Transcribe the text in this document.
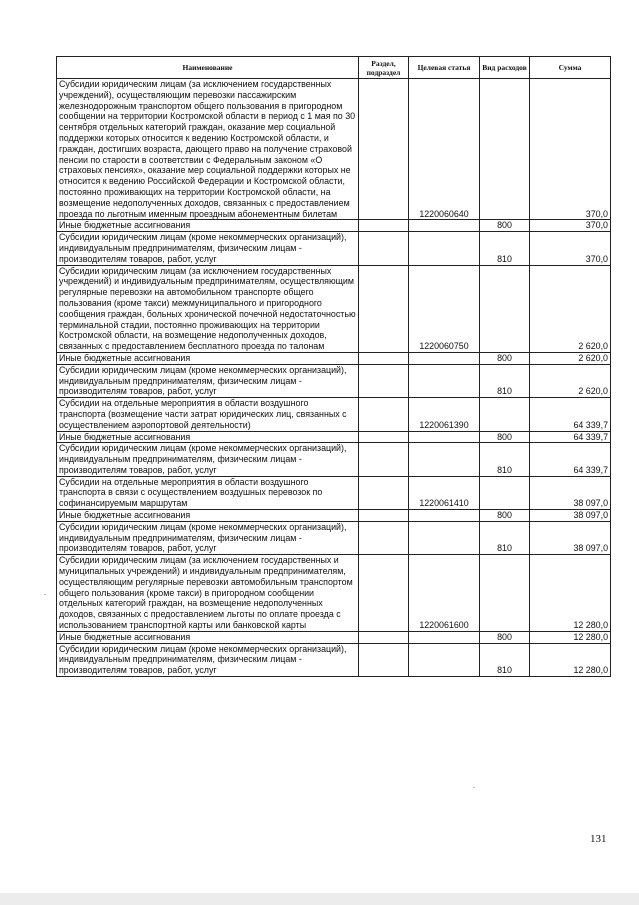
Наименование	Раздел, подраздел	Целевая статья	Вид расходов	Сумма
Субсидии юридическим лицам (за исключением государственных учреждений), осуществляющим перевозки пассажирским железнодорожным транспортом общего пользования в пригородном сообщении на территории Костромской области в период с 1 мая по 30 сентября отдельных категорий граждан, оказание мер социальной поддержки которых относится к ведению Костромской области, и граждан, достигших возраста, дающего право на получение страховой пенсии по старости в соответствии с Федеральным законом «О страховых пенсиях», оказание мер социальной поддержки которых не относится к ведению Российской Федерации и Костромской области, постоянно проживающих на территории Костромской области, на возмещение недополученных доходов, связанных с предоставлением проезда по льготным именным проездным абонементным билетам		1220060640		370,0
Иные бюджетные ассигнования			800	370,0
Субсидии юридическим лицам (кроме некоммерческих организаций), индивидуальным предпринимателям, физическим лицам - производителям товаров, работ, услуг			810	370,0
Субсидии юридическим лицам (за исключением государственных учреждений) и индивидуальным предпринимателям, осуществляющим регулярные перевозки на автомобильном транспорте общего пользования (кроме такси) межмуниципального и пригородного сообщения граждан, больных хронической почечной недостаточностью терминальной стадии, постоянно проживающих на территории Костромской области, на возмещение недополученных доходов, связанных с предоставлением бесплатного проезда по талонам		1220060750		2 620,0
Иные бюджетные ассигнования			800	2 620,0
Субсидии юридическим лицам (кроме некоммерческих организаций), индивидуальным предпринимателям, физическим лицам - производителям товаров, работ, услуг			810	2 620,0
Субсидии на отдельные мероприятия в области воздушного транспорта (возмещение части затрат юридических лиц, связанных с осуществлением аэропортовой деятельности)		1220061390		64 339,7
Иные бюджетные ассигнования			800	64 339,7
Субсидии юридическим лицам (кроме некоммерческих организаций), индивидуальным предпринимателям, физическим лицам - производителям товаров, работ, услуг			810	64 339,7
Субсидии на отдельные мероприятия в области воздушного транспорта в связи с осуществлением воздушных перевозок по софинансируемым маршрутам		1220061410		38 097,0
Иные бюджетные ассигнования			800	38 097,0
Субсидии юридическим лицам (кроме некоммерческих организаций), индивидуальным предпринимателям, физическим лицам - производителям товаров, работ, услуг			810	38 097,0
Субсидии юридическим лицам (за исключением государственных и муниципальных учреждений) и индивидуальным предпринимателям, осуществляющим регулярные перевозки автомобильным транспортом общего пользования (кроме такси) в пригородном сообщении отдельных категорий граждан, на возмещение недополученных доходов, связанных с предоставлением льготы по оплате проезда с использованием транспортной карты или банковской карты		1220061600		12 280,0
Иные бюджетные ассигнования			800	12 280,0
Субсидии юридическим лицам (кроме некоммерческих организаций), индивидуальным предпринимателям, физическим лицам - производителям товаров, работ, услуг			810	12 280,0
131
